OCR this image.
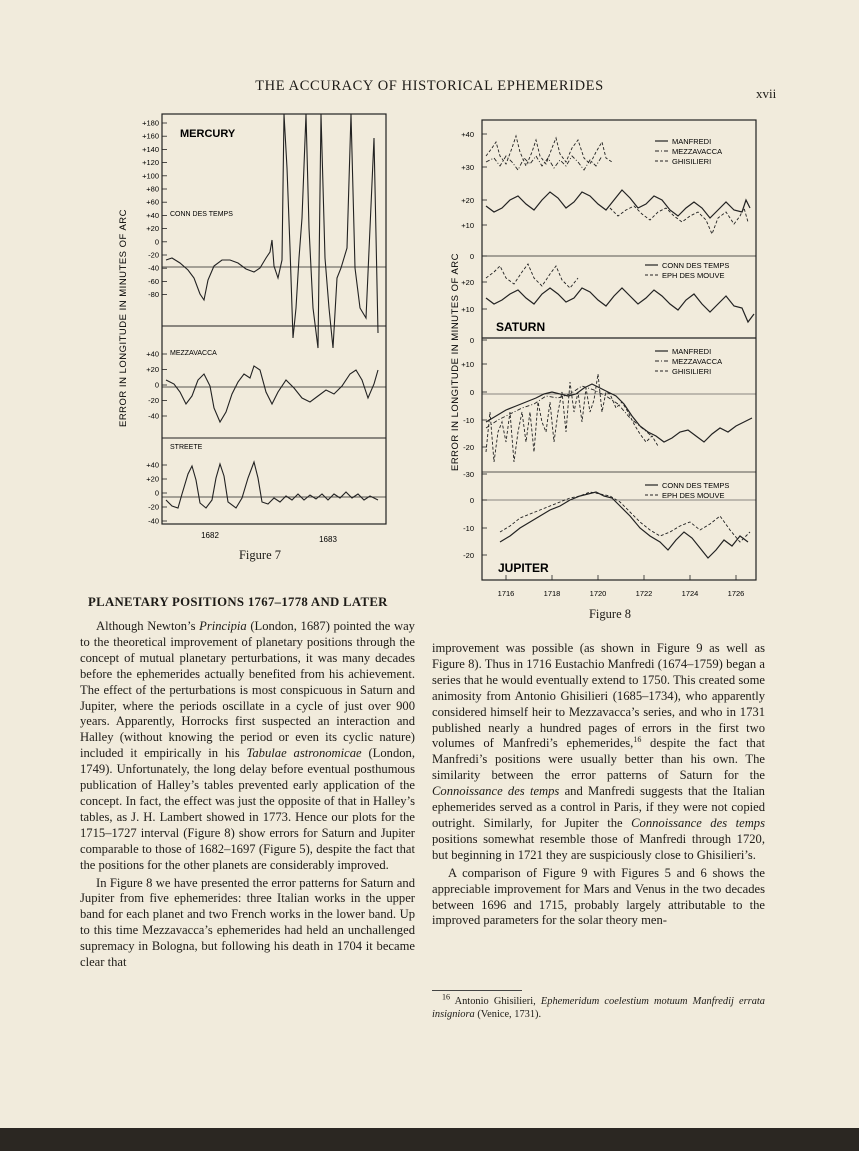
THE ACCURACY OF HISTORICAL EPHEMERIDES	xvii
ERROR IN LONGITUDE IN MINUTES OF ARC
+180
+160
+140
+120
+100
+80
+60
+40
+20
0
-20
-40
-60
-80
MERCURY
CONN DES TEMPS
+40
+20
0
-20
-40
MEZZAVACCA
+40
+20
0
-20
-40
STREETE
1682	1683
Figure 7
ERROR IN LONGITUDE IN MINUTES OF ARC
+40
+30
+20
+10
0
+20
+10
0
+10
0
-10
-20
-30
0
-10
-20
MANFREDI
MEZZAVACCA
GHISILIERI
CONN DES TEMPS
EPH DES MOUVE
SATURN
MANFREDI
MEZZAVACCA
GHISILIERI
CONN DES TEMPS
EPH DES MOUVE
JUPITER
1716	1718	1720	1722	1724	1726
Figure 8
PLANETARY POSITIONS 1767–1778 AND LATER

Although Newton’s Principia (London, 1687) pointed the way to the theoretical improvement of planetary positions through the concept of mutual planetary perturbations, it was many decades before the ephemerides actually benefited from his achievement. The effect of the perturbations is most conspicuous in Saturn and Jupiter, where the periods oscillate in a cycle of just over 900 years. Apparently, Horrocks first suspected an interaction and Halley (without knowing the period or even its cyclic nature) included it empirically in his Tabulae astronomicae (London, 1749). Unfortunately, the long delay before eventual posthumous publication of Halley’s tables prevented early application of the concept. In fact, the effect was just the opposite of that in Halley’s tables, as J. H. Lambert showed in 1773. Hence our plots for the 1715–1727 interval (Figure 8) show errors for Saturn and Jupiter comparable to those of 1682–1697 (Figure 5), despite the fact that the positions for the other planets are considerably improved.

In Figure 8 we have presented the error patterns for Saturn and Jupiter from five ephemerides: three Italian works in the upper band for each planet and two French works in the lower band. Up to this time Mezzavacca’s ephemerides had held an unchallenged supremacy in Bologna, but following his death in 1704 it became clear that

improvement was possible (as shown in Figure 9 as well as Figure 8). Thus in 1716 Eustachio Manfredi (1674–1759) began a series that he would eventually extend to 1750. This created some animosity from Antonio Ghisilieri (1685–1734), who apparently considered himself heir to Mezzavacca’s series, and who in 1731 published nearly a hundred pages of errors in the first two volumes of Manfredi’s ephemerides,$^{16}$ despite the fact that Manfredi’s positions were usually better than his own. The similarity between the error patterns of Saturn for the Connoissance des temps and Manfredi suggests that the Italian ephemerides served as a control in Paris, if they were not copied outright. Similarly, for Jupiter the Connoissance des temps positions somewhat resemble those of Manfredi through 1720, but beginning in 1721 they are suspiciously close to Ghisilieri’s.

A comparison of Figure 9 with Figures 5 and 6 shows the appreciable improvement for Mars and Venus in the two decades between 1696 and 1715, probably largely attributable to the improved parameters for the solar theory men-

$^{16}$ Antonio Ghisilieri, Ephemeridum coelestium motuum Manfredij errata insigniora (Venice, 1731).
